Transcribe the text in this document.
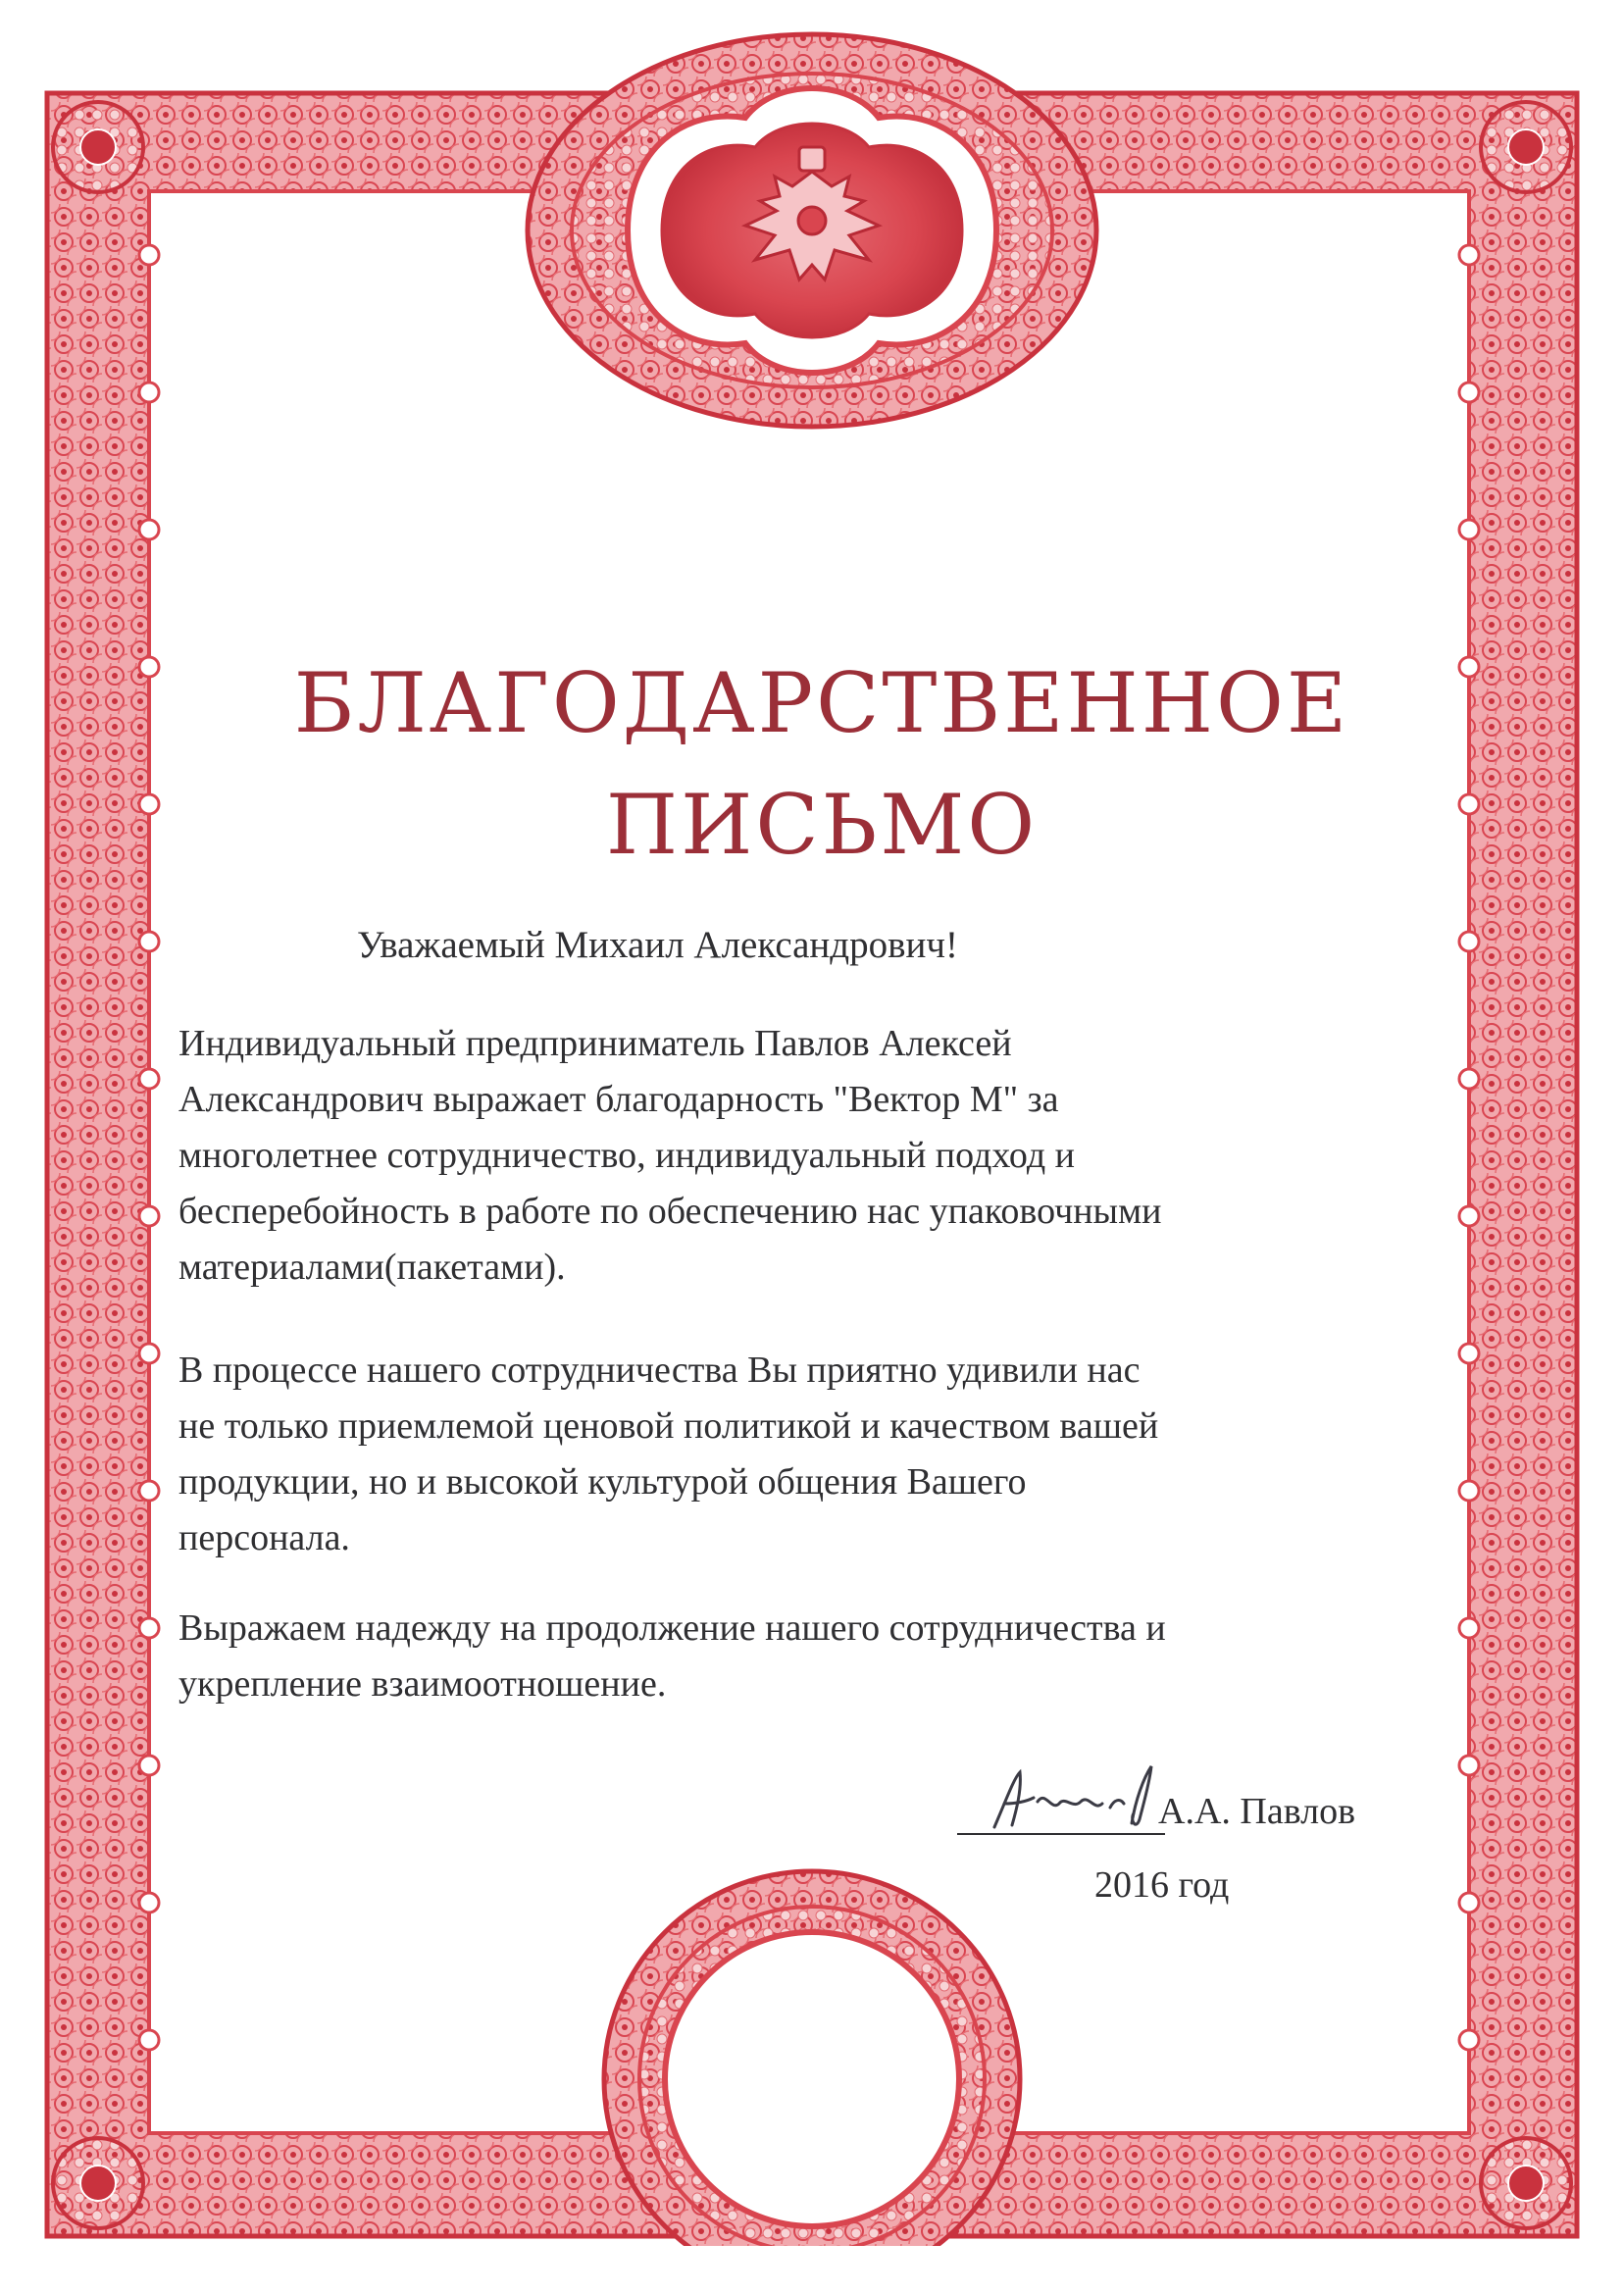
БЛАГОДАРСТВЕННОЕ
ПИСЬМО

Уважаемый Михаил Александрович!

Индивидуальный предприниматель Павлов Алексей
Александрович выражает благодарность "Вектор М" за
многолетнее сотрудничество, индивидуальный подход и
бесперебойность в работе по обеспечению нас упаковочными
материалами(пакетами).

В процессе нашего сотрудничества Вы приятно удивили нас
не только приемлемой ценовой политикой и качеством вашей
продукции, но и высокой культурой общения Вашего
персонала.

Выражаем надежду на продолжение нашего сотрудничества и
укрепление взаимоотношение.

А.А. Павлов
2016 год
